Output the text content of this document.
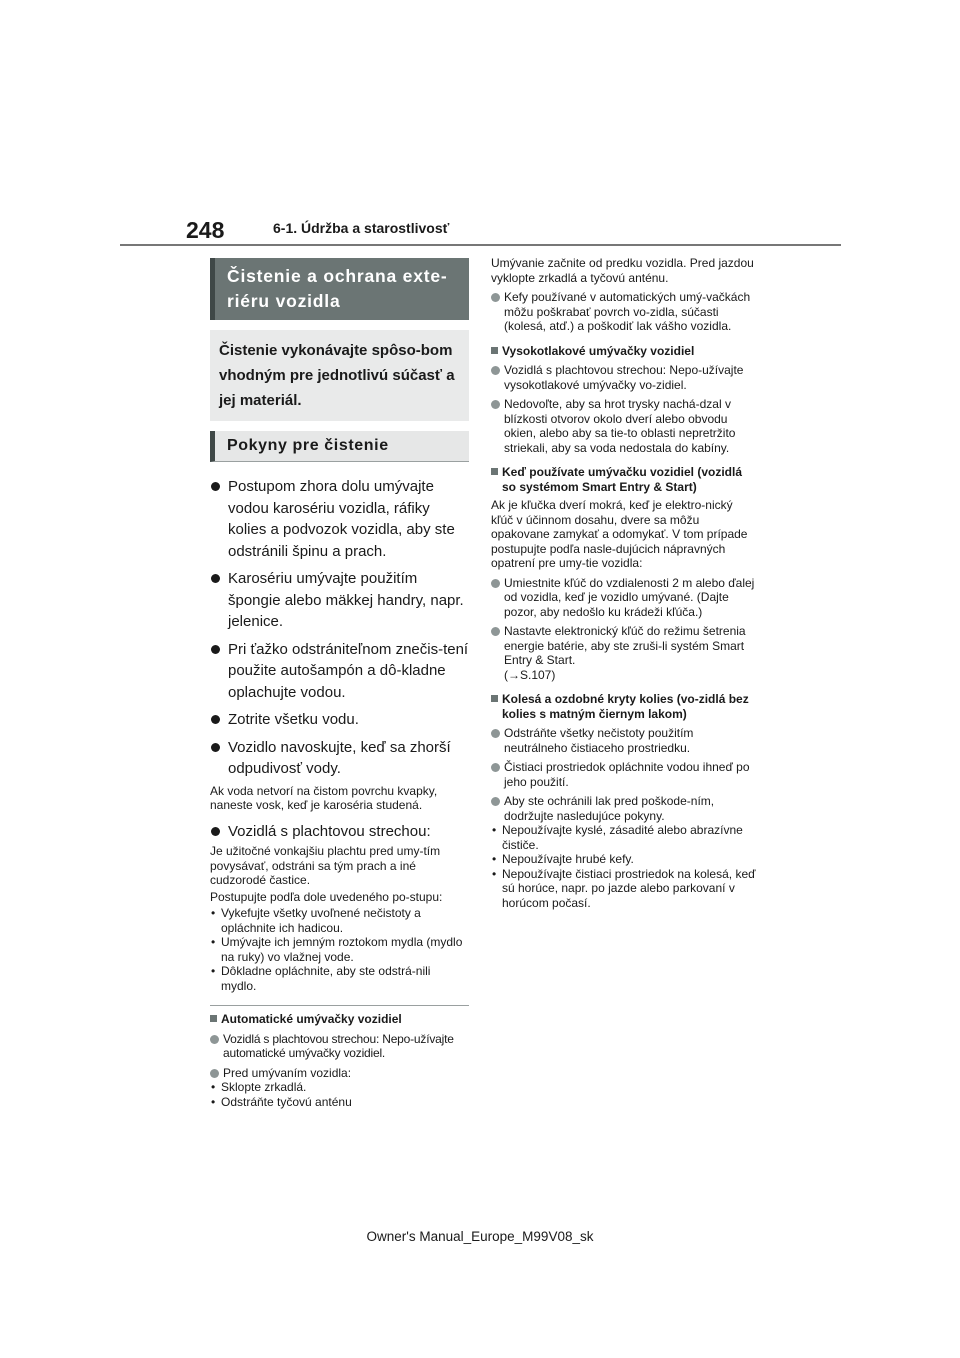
248	6-1. Údržba a starostlivosť
Čistenie a ochrana exte-riéru vozidla
Čistenie vykonávajte spôso-bom vhodným pre jednotlivú súčasť a jej materiál.
Pokyny pre čistenie
Postupom zhora dolu umývajte vodou karosériu vozidla, ráfiky kolies a podvozok vozidla, aby ste odstránili špinu a prach.
Karosériu umývajte použitím špongie alebo mäkkej handry, napr. jelenice.
Pri ťažko odstrániteľnom znečis-tení použite autošampón a dô-kladne oplachujte vodou.
Zotrite všetku vodu.
Vozidlo navoskujte, keď sa zhorší odpudivosť vody.

Ak voda netvorí na čistom povrchu kvapky, naneste vosk, keď je karoséria studená.

Vozidlá s plachtovou strechou:

Je užitočné vonkajšiu plachtu pred umy-tím povysávať, odstráni sa tým prach a iné cudzorodé častice.

Postupujte podľa dole uvedeného po-stupu:

• Vykefujte všetky uvoľnené nečistoty a opláchnite ich hadicou.
• Umývajte ich jemným roztokom mydla (mydlo na ruky) vo vlažnej vode.
• Dôkladne opláchnite, aby ste odstrá-nili mydlo.
Automatické umývačky vozidiel
Vozidlá s plachtovou strechou: Nepo-užívajte automatické umývačky vozidiel.
Pred umývaním vozidla:
• Sklopte zrkadlá.
• Odstráňte tyčovú anténu
Umývanie začnite od predku vozidla. Pred jazdou vyklopte zrkadlá a tyčovú anténu.
Kefy používané v automatických umý-vačkách môžu poškrabať povrch vo-zidla, súčasti (kolesá, atď.) a poškodiť lak vášho vozidla.
Vysokotlakové umývačky vozidiel
Vozidlá s plachtovou strechou: Nepo-užívajte vysokotlakové umývačky vo-zidiel.
Nedovoľte, aby sa hrot trysky nachá-dzal v blízkosti otvorov okolo dverí alebo obvodu okien, alebo aby sa tie-to oblasti nepretržito striekali, aby sa voda nedostala do kabíny.
Keď používate umývačku vozidiel (vozidlá so systémom Smart Entry & Start)
Ak je kľučka dverí mokrá, keď je elektro-nický kľúč v účinnom dosahu, dvere sa môžu opakovane zamykať a odomykať. V tom prípade postupujte podľa nasle-dujúcich nápravných opatrení pre umy-tie vozidla:
Umiestnite kľúč do vzdialenosti 2 m alebo ďalej od vozidla, keď je vozidlo umývané. (Dajte pozor, aby nedošlo ku krádeži kľúča.)
Nastavte elektronický kľúč do režimu šetrenia energie batérie, aby ste zruši-li systém Smart Entry & Start.
(→S.107)
Kolesá a ozdobné kryty kolies (vo-zidlá bez kolies s matným čiernym lakom)
Odstráňte všetky nečistoty použitím neutrálneho čistiaceho prostriedku.
Čistiaci prostriedok opláchnite vodou ihneď po jeho použití.
Aby ste ochránili lak pred poškode-ním, dodržujte nasledujúce pokyny.
• Nepoužívajte kyslé, zásadité alebo abrazívne čističe.
• Nepoužívajte hrubé kefy.
• Nepoužívajte čistiaci prostriedok na kolesá, keď sú horúce, napr. po jazde alebo parkovaní v horúcom počasí.
Owner's Manual_Europe_M99V08_sk
